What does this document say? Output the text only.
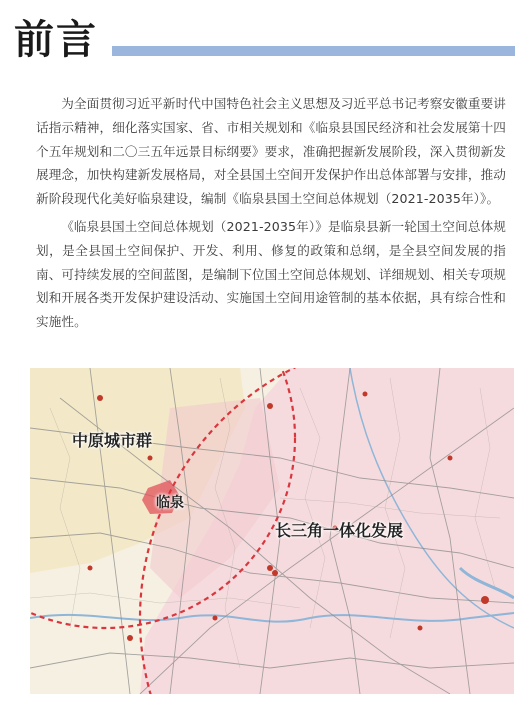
前言

为全面贯彻习近平新时代中国特色社会主义思想及习近平总书记考察安徽重要讲话指示精神，细化落实国家、省、市相关规划和《临泉县国民经济和社会发展第十四个五年规划和二〇三五年远景目标纲要》要求，准确把握新发展阶段，深入贯彻新发展理念，加快构建新发展格局，对全县国土空间开发保护作出总体部署与安排，推动新阶段现代化美好临泉建设，编制《临泉县国土空间总体规划（2021-2035年）》。

《临泉县国土空间总体规划（2021-2035年）》是临泉县新一轮国土空间总体规划，是全县国土空间保护、开发、利用、修复的政策和总纲，是全县空间发展的指南、可持续发展的空间蓝图，是编制下位国土空间总体规划、详细规划、相关专项规划和开展各类开发保护建设活动、实施国土空间用途管制的基本依据，具有综合性和实施性。

中原城市群
临泉
长三角一体化发展
